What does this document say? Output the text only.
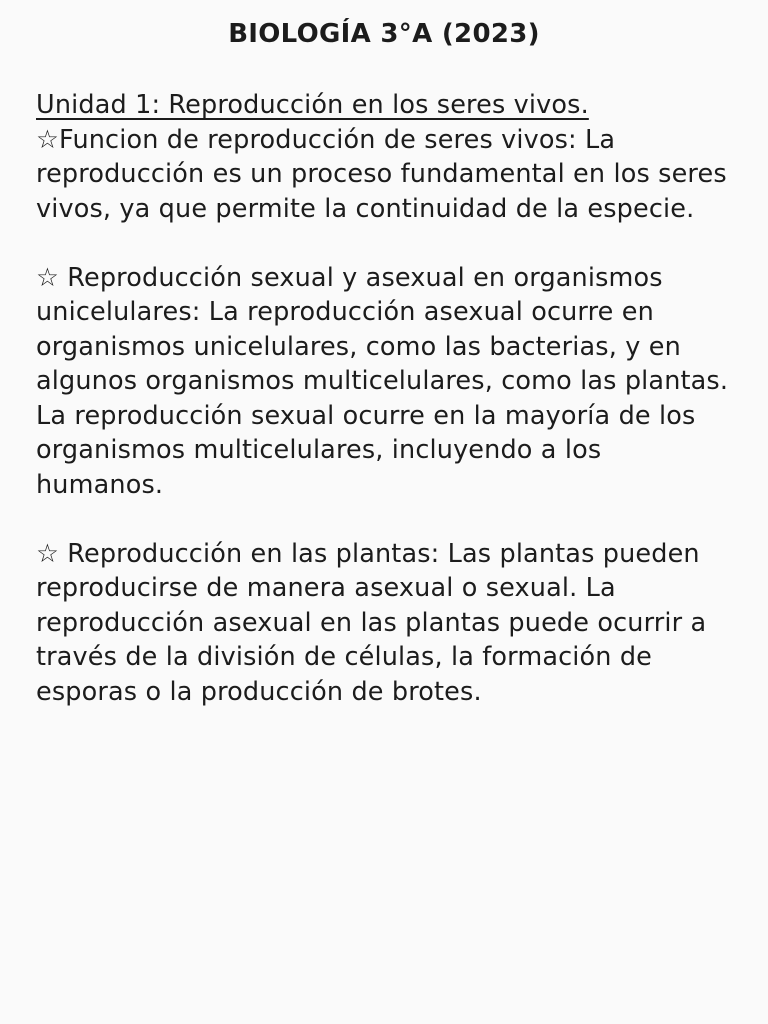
BIOLOGÍA 3°A (2023)
Unidad 1: Reproducción en los seres vivos.

☆Funcion de reproducción de seres vivos: La reproducción es un proceso fundamental en los seres vivos, ya que permite la continuidad de la especie.

☆ Reproducción sexual y asexual en organismos unicelulares: La reproducción asexual ocurre en organismos unicelulares, como las bacterias, y en algunos organismos multicelulares, como las plantas. La reproducción sexual ocurre en la mayoría de los organismos multicelulares, incluyendo a los humanos.

☆ Reproducción en las plantas: Las plantas pueden reproducirse de manera asexual o sexual. La reproducción asexual en las plantas puede ocurrir a través de la división de células, la formación de esporas o la producción de brotes.
